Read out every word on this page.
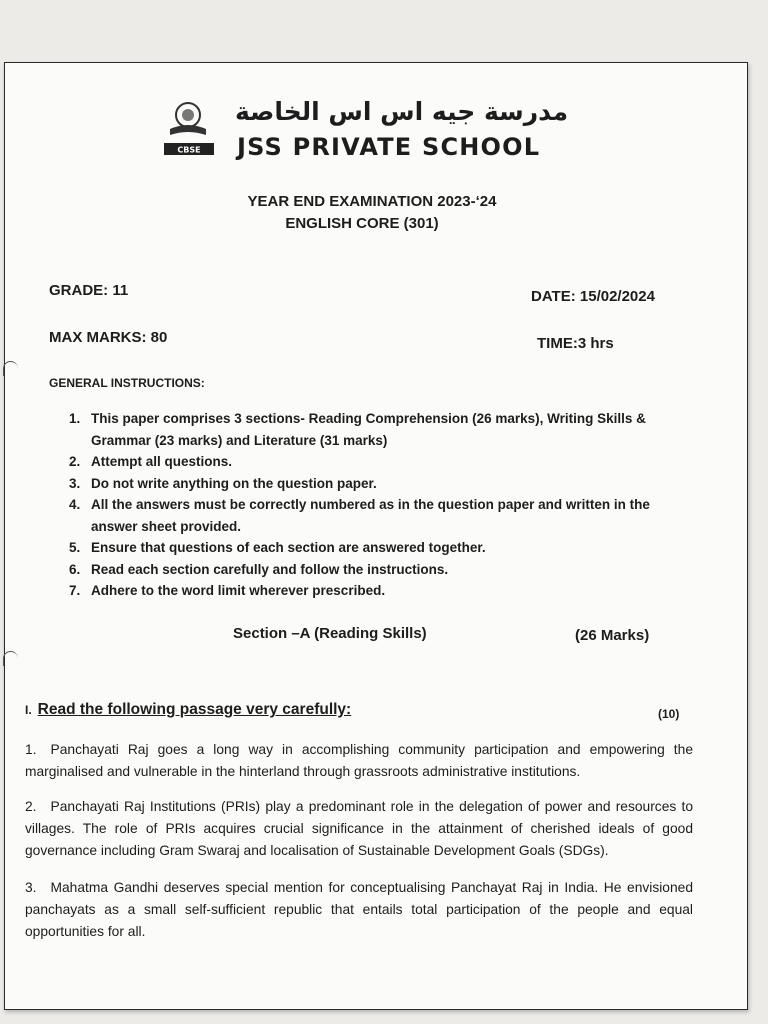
CBSE
مدرسة جيه اس اس الخاصة
JSS PRIVATE SCHOOL
YEAR END EXAMINATION 2023-‘24
ENGLISH CORE (301)
GRADE: 11	DATE: 15/02/2024
MAX MARKS: 80	TIME:3 hrs
GENERAL INSTRUCTIONS:
1. This paper comprises 3 sections- Reading Comprehension (26 marks), Writing Skills & Grammar (23 marks) and Literature (31 marks)
2. Attempt all questions.
3. Do not write anything on the question paper.
4. All the answers must be correctly numbered as in the question paper and written in the answer sheet provided.
5. Ensure that questions of each section are answered together.
6. Read each section carefully and follow the instructions.
7. Adhere to the word limit wherever prescribed.
Section –A (Reading Skills)	(26 Marks)
I. Read the following passage very carefully:	(10)
1. Panchayati Raj goes a long way in accomplishing community participation and empowering the marginalised and vulnerable in the hinterland through grassroots administrative institutions.
2. Panchayati Raj Institutions (PRIs) play a predominant role in the delegation of power and resources to villages. The role of PRIs acquires crucial significance in the attainment of cherished ideals of good governance including Gram Swaraj and localisation of Sustainable Development Goals (SDGs).
3. Mahatma Gandhi deserves special mention for conceptualising Panchayat Raj in India. He envisioned panchayats as a small self-sufficient republic that entails total participation of the people and equal opportunities for all.
